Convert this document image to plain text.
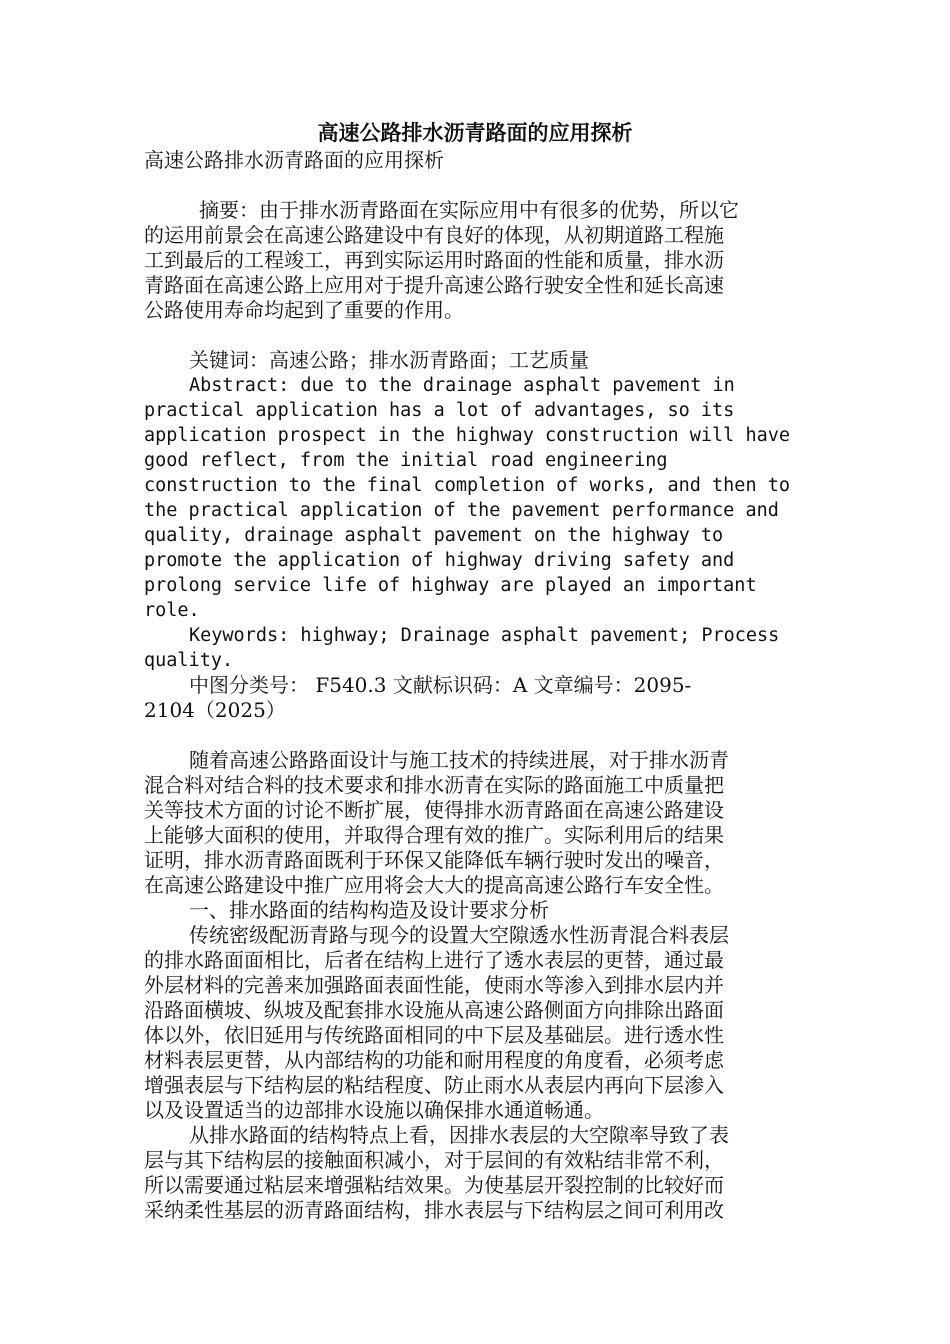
高速公路排水沥青路面的应用探析
高速公路排水沥青路面的应用探析
摘要：由于排水沥青路面在实际应用中有很多的优势，所以它
的运用前景会在高速公路建设中有良好的体现，从初期道路工程施
工到最后的工程竣工，再到实际运用时路面的性能和质量，排水沥
青路面在高速公路上应用对于提升高速公路行驶安全性和延长高速
公路使用寿命均起到了重要的作用。
关键词：高速公路；排水沥青路面；工艺质量
Abstract: due to the drainage asphalt pavement in
practical application has a lot of advantages, so its
application prospect in the highway construction will have
good reflect, from the initial road engineering
construction to the final completion of works, and then to
the practical application of the pavement performance and
quality, drainage asphalt pavement on the highway to
promote the application of highway driving safety and
prolong service life of highway are played an important
role.
Keywords: highway; Drainage asphalt pavement; Process
quality.
中图分类号： F540.3 文献标识码：A 文章编号：2095-
2104（2025）
随着高速公路路面设计与施工技术的持续进展，对于排水沥青
混合料对结合料的技术要求和排水沥青在实际的路面施工中质量把
关等技术方面的讨论不断扩展，使得排水沥青路面在高速公路建设
上能够大面积的使用，并取得合理有效的推广。实际利用后的结果
证明，排水沥青路面既利于环保又能降低车辆行驶时发出的噪音，
在高速公路建设中推广应用将会大大的提高高速公路行车安全性。
一、排水路面的结构构造及设计要求分析
传统密级配沥青路与现今的设置大空隙透水性沥青混合料表层
的排水路面面相比，后者在结构上进行了透水表层的更替，通过最
外层材料的完善来加强路面表面性能，使雨水等渗入到排水层内并
沿路面横坡、纵坡及配套排水设施从高速公路侧面方向排除出路面
体以外，依旧延用与传统路面相同的中下层及基础层。进行透水性
材料表层更替，从内部结构的功能和耐用程度的角度看，必须考虑
增强表层与下结构层的粘结程度、防止雨水从表层内再向下层渗入
以及设置适当的边部排水设施以确保排水通道畅通。
从排水路面的结构特点上看，因排水表层的大空隙率导致了表
层与其下结构层的接触面积减小，对于层间的有效粘结非常不利，
所以需要通过粘层来增强粘结效果。为使基层开裂控制的比较好而
采纳柔性基层的沥青路面结构，排水表层与下结构层之间可利用改
